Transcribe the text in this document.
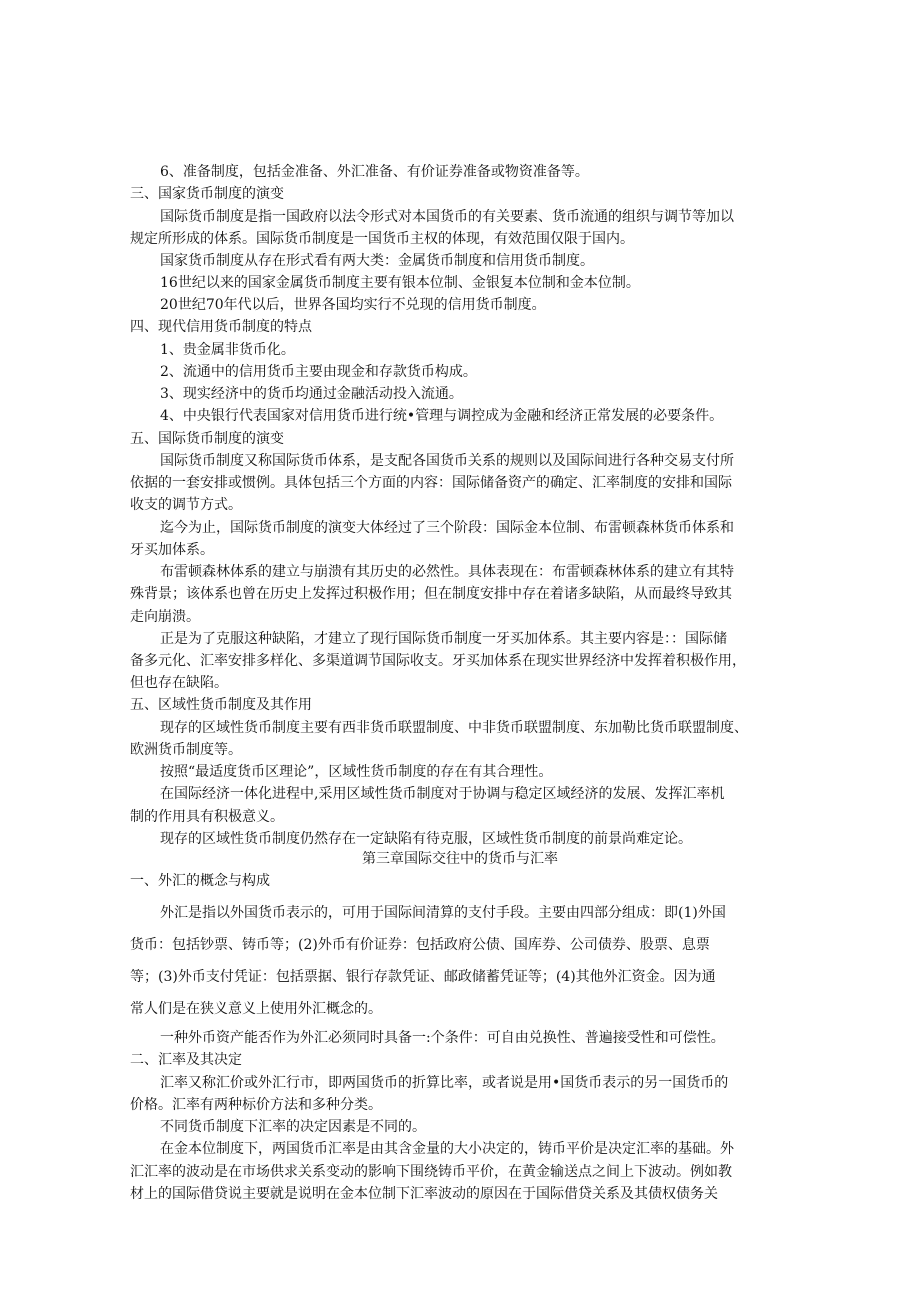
6、准备制度，包括金准备、外汇准备、有价证券准备或物资准备等。
三、国家货币制度的演变
国际货币制度是指一国政府以法令形式对本国货币的有关要素、货币流通的组织与调节等加以
规定所形成的体系。国际货币制度是一国货币主权的体现，有效范围仅限于国内。
国家货币制度从存在形式看有两大类：金属货币制度和信用货币制度。
16世纪以来的国家金属货币制度主要有银本位制、金银复本位制和金本位制。
20世纪70年代以后，世界各国均实行不兑现的信用货币制度。
四、现代信用货币制度的特点
1、贵金属非货币化。
2、流通中的信用货币主要由现金和存款货币构成。
3、现实经济中的货币均通过金融活动投入流通。
4、中央银行代表国家对信用货币进行统•管理与调控成为金融和经济正常发展的必要条件。
五、国际货币制度的演变
国际货币制度又称国际货币体系，是支配各国货币关系的规则以及国际间进行各种交易支付所
依据的一套安排或惯例。具体包括三个方面的内容：国际储备资产的确定、汇率制度的安排和国际
收支的调节方式。
迄今为止，国际货币制度的演变大体经过了三个阶段：国际金本位制、布雷顿森林货币体系和
牙买加体系。
布雷顿森林体系的建立与崩溃有其历史的必然性。具体表现在：布雷顿森林体系的建立有其特
殊背景；该体系也曾在历史上发挥过积极作用；但在制度安排中存在着诸多缺陷，从而最终导致其
走向崩溃。
正是为了克服这种缺陷，才建立了现行国际货币制度一牙买加体系。其主要内容是：：国际储
备多元化、汇率安排多样化、多渠道调节国际收支。牙买加体系在现实世界经济中发挥着积极作用，
但也存在缺陷。
五、区域性货币制度及其作用
现存的区域性货币制度主要有西非货币联盟制度、中非货币联盟制度、东加勒比货币联盟制度、
欧洲货币制度等。
按照“最适度货币区理论”，区域性货币制度的存在有其合理性。
在国际经济一体化进程中,采用区域性货币制度对于协调与稳定区域经济的发展、发挥汇率机
制的作用具有积极意义。
现存的区域性货币制度仍然存在一定缺陷有待克服，区域性货币制度的前景尚难定论。
第三章国际交往中的货币与汇率
一、外汇的概念与构成
外汇是指以外国货币表示的，可用于国际间清算的支付手段。主要由四部分组成：即(1)外国
货币：包括钞票、铸币等；(2)外币有价证券：包括政府公债、国库券、公司债券、股票、息票
等；(3)外币支付凭证：包括票据、银行存款凭证、邮政储蓄凭证等；(4)其他外汇资金。因为通
常人们是在狭义意义上使用外汇概念的。
一种外币资产能否作为外汇必须同时具备一:个条件：可自由兑换性、普遍接受性和可偿性。
二、汇率及其决定
汇率又称汇价或外汇行市，即两国货币的折算比率，或者说是用•国货币表示的另一国货币的
价格。汇率有两种标价方法和多种分类。
不同货币制度下汇率的决定因素是不同的。
在金本位制度下，两国货币汇率是由其含金量的大小决定的，铸币平价是决定汇率的基础。外
汇汇率的波动是在市场供求关系变动的影响下围绕铸币平价，在黄金输送点之间上下波动。例如教
材上的国际借贷说主要就是说明在金本位制下汇率波动的原因在于国际借贷关系及其债权债务关
